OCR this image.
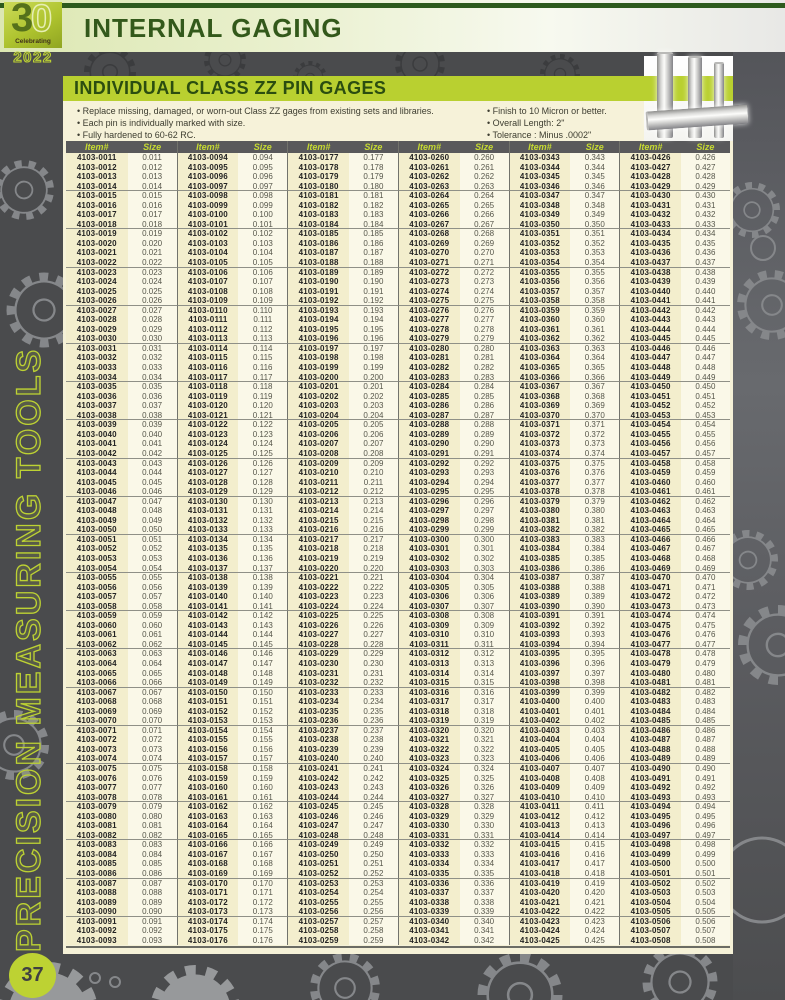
INTERNAL GAGING
3
0
Celebrating
2022
INDIVIDUAL CLASS ZZ PIN GAGES
• Replace missing, damaged, or worn-out Class ZZ gages from existing sets and libraries.
• Each pin is individually marked with size.
• Fully hardened to 60-62 RC.
• Finish to 10 Micron or better.
• Overall Length: 2"
• Tolerance : Minus .0002"
Item#	Size	Item#	Size	Item#	Size	Item#	Size	Item#	Size	Item#	Size
4103-0011	0.011	4103-0094	0.094	4103-0177	0.177	4103-0260	0.260	4103-0343	0.343	4103-0426	0.426
4103-0012	0.012	4103-0095	0.095	4103-0178	0.178	4103-0261	0.261	4103-0344	0.344	4103-0427	0.427
4103-0013	0.013	4103-0096	0.096	4103-0179	0.179	4103-0262	0.262	4103-0345	0.345	4103-0428	0.428
4103-0014	0.014	4103-0097	0.097	4103-0180	0.180	4103-0263	0.263	4103-0346	0.346	4103-0429	0.429
4103-0015	0.015	4103-0098	0.098	4103-0181	0.181	4103-0264	0.264	4103-0347	0.347	4103-0430	0.430
4103-0016	0.016	4103-0099	0.099	4103-0182	0.182	4103-0265	0.265	4103-0348	0.348	4103-0431	0.431
4103-0017	0.017	4103-0100	0.100	4103-0183	0.183	4103-0266	0.266	4103-0349	0.349	4103-0432	0.432
4103-0018	0.018	4103-0101	0.101	4103-0184	0.184	4103-0267	0.267	4103-0350	0.350	4103-0433	0.433
4103-0019	0.019	4103-0102	0.102	4103-0185	0.185	4103-0268	0.268	4103-0351	0.351	4103-0434	0.434
4103-0020	0.020	4103-0103	0.103	4103-0186	0.186	4103-0269	0.269	4103-0352	0.352	4103-0435	0.435
4103-0021	0.021	4103-0104	0.104	4103-0187	0.187	4103-0270	0.270	4103-0353	0.353	4103-0436	0.436
4103-0022	0.022	4103-0105	0.105	4103-0188	0.188	4103-0271	0.271	4103-0354	0.354	4103-0437	0.437
4103-0023	0.023	4103-0106	0.106	4103-0189	0.189	4103-0272	0.272	4103-0355	0.355	4103-0438	0.438
4103-0024	0.024	4103-0107	0.107	4103-0190	0.190	4103-0273	0.273	4103-0356	0.356	4103-0439	0.439
4103-0025	0.025	4103-0108	0.108	4103-0191	0.191	4103-0274	0.274	4103-0357	0.357	4103-0440	0.440
4103-0026	0.026	4103-0109	0.109	4103-0192	0.192	4103-0275	0.275	4103-0358	0.358	4103-0441	0.441
4103-0027	0.027	4103-0110	0.110	4103-0193	0.193	4103-0276	0.276	4103-0359	0.359	4103-0442	0.442
4103-0028	0.028	4103-0111	0.111	4103-0194	0.194	4103-0277	0.277	4103-0360	0.360	4103-0443	0.443
4103-0029	0.029	4103-0112	0.112	4103-0195	0.195	4103-0278	0.278	4103-0361	0.361	4103-0444	0.444
4103-0030	0.030	4103-0113	0.113	4103-0196	0.196	4103-0279	0.279	4103-0362	0.362	4103-0445	0.445
4103-0031	0.031	4103-0114	0.114	4103-0197	0.197	4103-0280	0.280	4103-0363	0.363	4103-0446	0.446
4103-0032	0.032	4103-0115	0.115	4103-0198	0.198	4103-0281	0.281	4103-0364	0.364	4103-0447	0.447
4103-0033	0.033	4103-0116	0.116	4103-0199	0.199	4103-0282	0.282	4103-0365	0.365	4103-0448	0.448
4103-0034	0.034	4103-0117	0.117	4103-0200	0.200	4103-0283	0.283	4103-0366	0.366	4103-0449	0.449
4103-0035	0.035	4103-0118	0.118	4103-0201	0.201	4103-0284	0.284	4103-0367	0.367	4103-0450	0.450
4103-0036	0.036	4103-0119	0.119	4103-0202	0.202	4103-0285	0.285	4103-0368	0.368	4103-0451	0.451
4103-0037	0.037	4103-0120	0.120	4103-0203	0.203	4103-0286	0.286	4103-0369	0.369	4103-0452	0.452
4103-0038	0.038	4103-0121	0.121	4103-0204	0.204	4103-0287	0.287	4103-0370	0.370	4103-0453	0.453
4103-0039	0.039	4103-0122	0.122	4103-0205	0.205	4103-0288	0.288	4103-0371	0.371	4103-0454	0.454
4103-0040	0.040	4103-0123	0.123	4103-0206	0.206	4103-0289	0.289	4103-0372	0.372	4103-0455	0.455
4103-0041	0.041	4103-0124	0.124	4103-0207	0.207	4103-0290	0.290	4103-0373	0.373	4103-0456	0.456
4103-0042	0.042	4103-0125	0.125	4103-0208	0.208	4103-0291	0.291	4103-0374	0.374	4103-0457	0.457
4103-0043	0.043	4103-0126	0.126	4103-0209	0.209	4103-0292	0.292	4103-0375	0.375	4103-0458	0.458
4103-0044	0.044	4103-0127	0.127	4103-0210	0.210	4103-0293	0.293	4103-0376	0.376	4103-0459	0.459
4103-0045	0.045	4103-0128	0.128	4103-0211	0.211	4103-0294	0.294	4103-0377	0.377	4103-0460	0.460
4103-0046	0.046	4103-0129	0.129	4103-0212	0.212	4103-0295	0.295	4103-0378	0.378	4103-0461	0.461
4103-0047	0.047	4103-0130	0.130	4103-0213	0.213	4103-0296	0.296	4103-0379	0.379	4103-0462	0.462
4103-0048	0.048	4103-0131	0.131	4103-0214	0.214	4103-0297	0.297	4103-0380	0.380	4103-0463	0.463
4103-0049	0.049	4103-0132	0.132	4103-0215	0.215	4103-0298	0.298	4103-0381	0.381	4103-0464	0.464
4103-0050	0.050	4103-0133	0.133	4103-0216	0.216	4103-0299	0.299	4103-0382	0.382	4103-0465	0.465
4103-0051	0.051	4103-0134	0.134	4103-0217	0.217	4103-0300	0.300	4103-0383	0.383	4103-0466	0.466
4103-0052	0.052	4103-0135	0.135	4103-0218	0.218	4103-0301	0.301	4103-0384	0.384	4103-0467	0.467
4103-0053	0.053	4103-0136	0.136	4103-0219	0.219	4103-0302	0.302	4103-0385	0.385	4103-0468	0.468
4103-0054	0.054	4103-0137	0.137	4103-0220	0.220	4103-0303	0.303	4103-0386	0.386	4103-0469	0.469
4103-0055	0.055	4103-0138	0.138	4103-0221	0.221	4103-0304	0.304	4103-0387	0.387	4103-0470	0.470
4103-0056	0.056	4103-0139	0.139	4103-0222	0.222	4103-0305	0.305	4103-0388	0.388	4103-0471	0.471
4103-0057	0.057	4103-0140	0.140	4103-0223	0.223	4103-0306	0.306	4103-0389	0.389	4103-0472	0.472
4103-0058	0.058	4103-0141	0.141	4103-0224	0.224	4103-0307	0.307	4103-0390	0.390	4103-0473	0.473
4103-0059	0.059	4103-0142	0.142	4103-0225	0.225	4103-0308	0.308	4103-0391	0.391	4103-0474	0.474
4103-0060	0.060	4103-0143	0.143	4103-0226	0.226	4103-0309	0.309	4103-0392	0.392	4103-0475	0.475
4103-0061	0.061	4103-0144	0.144	4103-0227	0.227	4103-0310	0.310	4103-0393	0.393	4103-0476	0.476
4103-0062	0.062	4103-0145	0.145	4103-0228	0.228	4103-0311	0.311	4103-0394	0.394	4103-0477	0.477
4103-0063	0.063	4103-0146	0.146	4103-0229	0.229	4103-0312	0.312	4103-0395	0.395	4103-0478	0.478
4103-0064	0.064	4103-0147	0.147	4103-0230	0.230	4103-0313	0.313	4103-0396	0.396	4103-0479	0.479
4103-0065	0.065	4103-0148	0.148	4103-0231	0.231	4103-0314	0.314	4103-0397	0.397	4103-0480	0.480
4103-0066	0.066	4103-0149	0.149	4103-0232	0.232	4103-0315	0.315	4103-0398	0.398	4103-0481	0.481
4103-0067	0.067	4103-0150	0.150	4103-0233	0.233	4103-0316	0.316	4103-0399	0.399	4103-0482	0.482
4103-0068	0.068	4103-0151	0.151	4103-0234	0.234	4103-0317	0.317	4103-0400	0.400	4103-0483	0.483
4103-0069	0.069	4103-0152	0.152	4103-0235	0.235	4103-0318	0.318	4103-0401	0.401	4103-0484	0.484
4103-0070	0.070	4103-0153	0.153	4103-0236	0.236	4103-0319	0.319	4103-0402	0.402	4103-0485	0.485
4103-0071	0.071	4103-0154	0.154	4103-0237	0.237	4103-0320	0.320	4103-0403	0.403	4103-0486	0.486
4103-0072	0.072	4103-0155	0.155	4103-0238	0.238	4103-0321	0.321	4103-0404	0.404	4103-0487	0.487
4103-0073	0.073	4103-0156	0.156	4103-0239	0.239	4103-0322	0.322	4103-0405	0.405	4103-0488	0.488
4103-0074	0.074	4103-0157	0.157	4103-0240	0.240	4103-0323	0.323	4103-0406	0.406	4103-0489	0.489
4103-0075	0.075	4103-0158	0.158	4103-0241	0.241	4103-0324	0.324	4103-0407	0.407	4103-0490	0.490
4103-0076	0.076	4103-0159	0.159	4103-0242	0.242	4103-0325	0.325	4103-0408	0.408	4103-0491	0.491
4103-0077	0.077	4103-0160	0.160	4103-0243	0.243	4103-0326	0.326	4103-0409	0.409	4103-0492	0.492
4103-0078	0.078	4103-0161	0.161	4103-0244	0.244	4103-0327	0.327	4103-0410	0.410	4103-0493	0.493
4103-0079	0.079	4103-0162	0.162	4103-0245	0.245	4103-0328	0.328	4103-0411	0.411	4103-0494	0.494
4103-0080	0.080	4103-0163	0.163	4103-0246	0.246	4103-0329	0.329	4103-0412	0.412	4103-0495	0.495
4103-0081	0.081	4103-0164	0.164	4103-0247	0.247	4103-0330	0.330	4103-0413	0.413	4103-0496	0.496
4103-0082	0.082	4103-0165	0.165	4103-0248	0.248	4103-0331	0.331	4103-0414	0.414	4103-0497	0.497
4103-0083	0.083	4103-0166	0.166	4103-0249	0.249	4103-0332	0.332	4103-0415	0.415	4103-0498	0.498
4103-0084	0.084	4103-0167	0.167	4103-0250	0.250	4103-0333	0.333	4103-0416	0.416	4103-0499	0.499
4103-0085	0.085	4103-0168	0.168	4103-0251	0.251	4103-0334	0.334	4103-0417	0.417	4103-0500	0.500
4103-0086	0.086	4103-0169	0.169	4103-0252	0.252	4103-0335	0.335	4103-0418	0.418	4103-0501	0.501
4103-0087	0.087	4103-0170	0.170	4103-0253	0.253	4103-0336	0.336	4103-0419	0.419	4103-0502	0.502
4103-0088	0.088	4103-0171	0.171	4103-0254	0.254	4103-0337	0.337	4103-0420	0.420	4103-0503	0.503
4103-0089	0.089	4103-0172	0.172	4103-0255	0.255	4103-0338	0.338	4103-0421	0.421	4103-0504	0.504
4103-0090	0.090	4103-0173	0.173	4103-0256	0.256	4103-0339	0.339	4103-0422	0.422	4103-0505	0.505
4103-0091	0.091	4103-0174	0.174	4103-0257	0.257	4103-0340	0.340	4103-0423	0.423	4103-0506	0.506
4103-0092	0.092	4103-0175	0.175	4103-0258	0.258	4103-0341	0.341	4103-0424	0.424	4103-0507	0.507
4103-0093	0.093	4103-0176	0.176	4103-0259	0.259	4103-0342	0.342	4103-0425	0.425	4103-0508	0.508
PRECISION MEASURING TOOLS
37
